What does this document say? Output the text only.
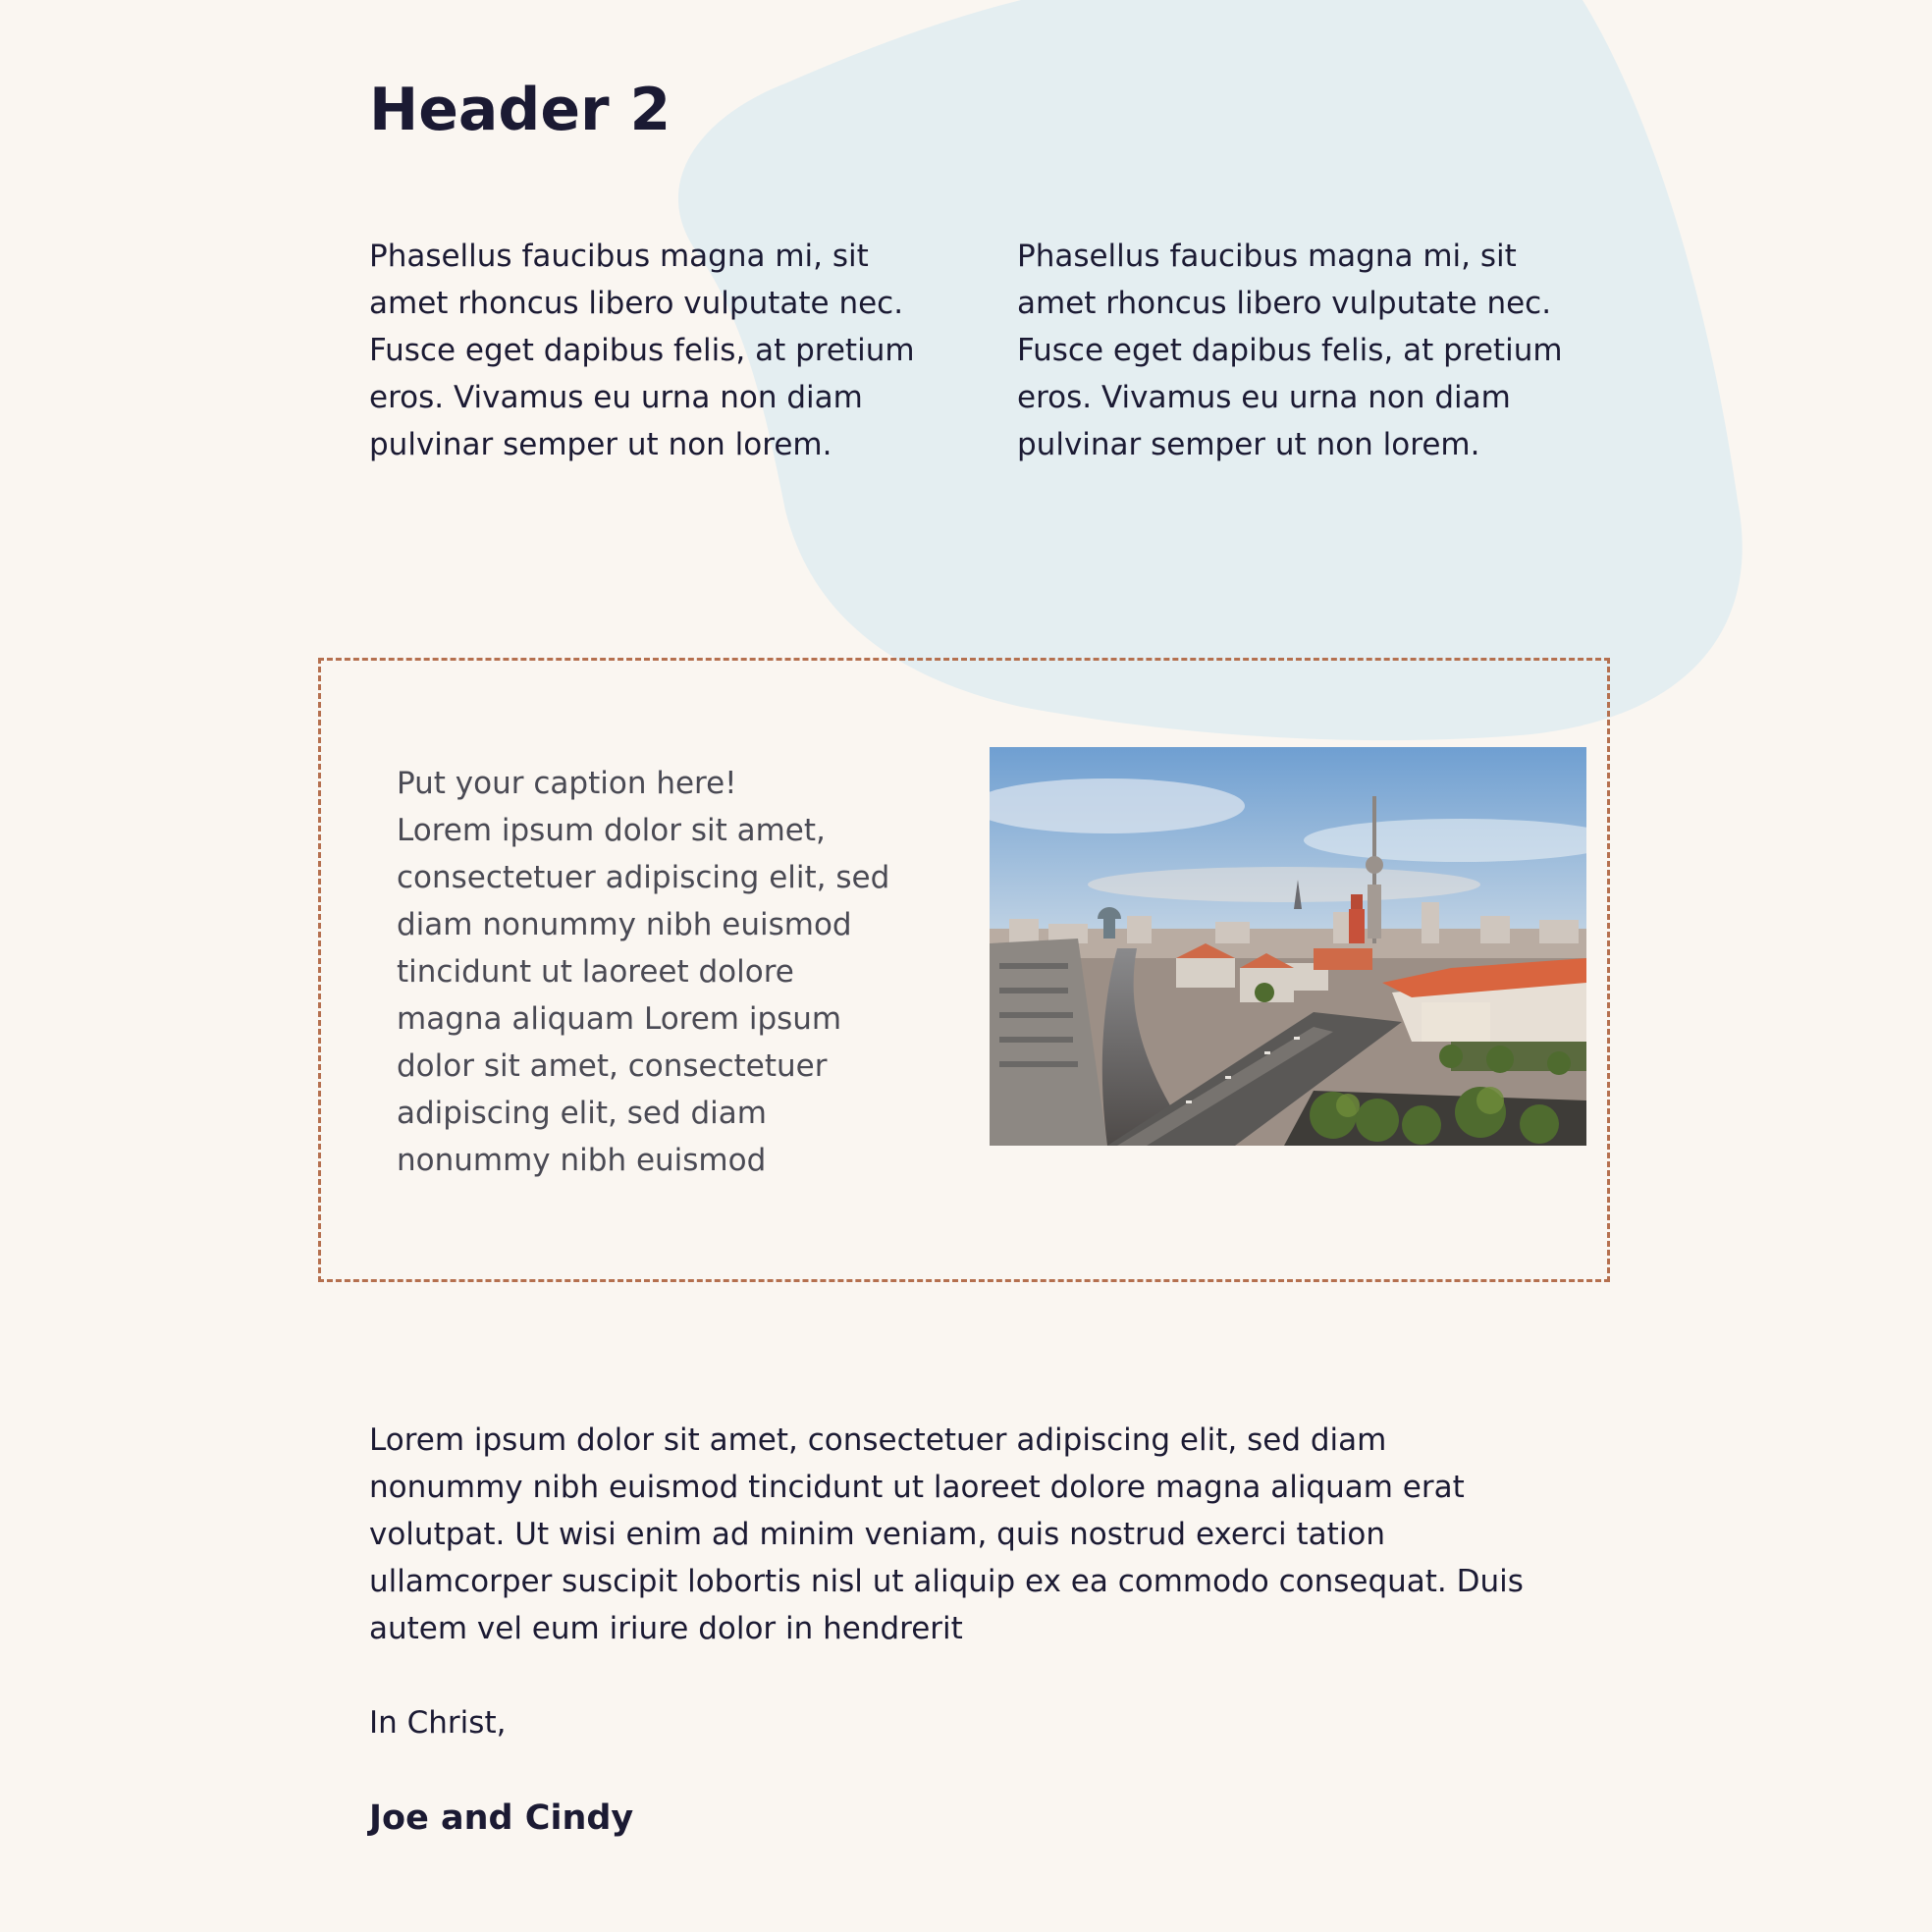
Header 2

Phasellus faucibus magna mi, sit amet rhoncus libero vulputate nec. Fusce eget dapibus felis, at pretium eros. Vivamus eu urna non diam pulvinar semper ut non lorem.

Phasellus faucibus magna mi, sit amet rhoncus libero vulputate nec. Fusce eget dapibus felis, at pretium eros. Vivamus eu urna non diam pulvinar semper ut non lorem.

Put your caption here!
Lorem ipsum dolor sit amet, consectetuer adipiscing elit, sed diam nonummy nibh euismod tincidunt ut laoreet dolore magna aliquam Lorem ipsum dolor sit amet, consectetuer adipiscing elit, sed diam nonummy nibh euismod

Lorem ipsum dolor sit amet, consectetuer adipiscing elit, sed diam nonummy nibh euismod tincidunt ut laoreet dolore magna aliquam erat volutpat. Ut wisi enim ad minim veniam, quis nostrud exerci tation ullamcorper suscipit lobortis nisl ut aliquip ex ea commodo consequat. Duis autem vel eum iriure dolor in hendrerit

In Christ,

Joe and Cindy
